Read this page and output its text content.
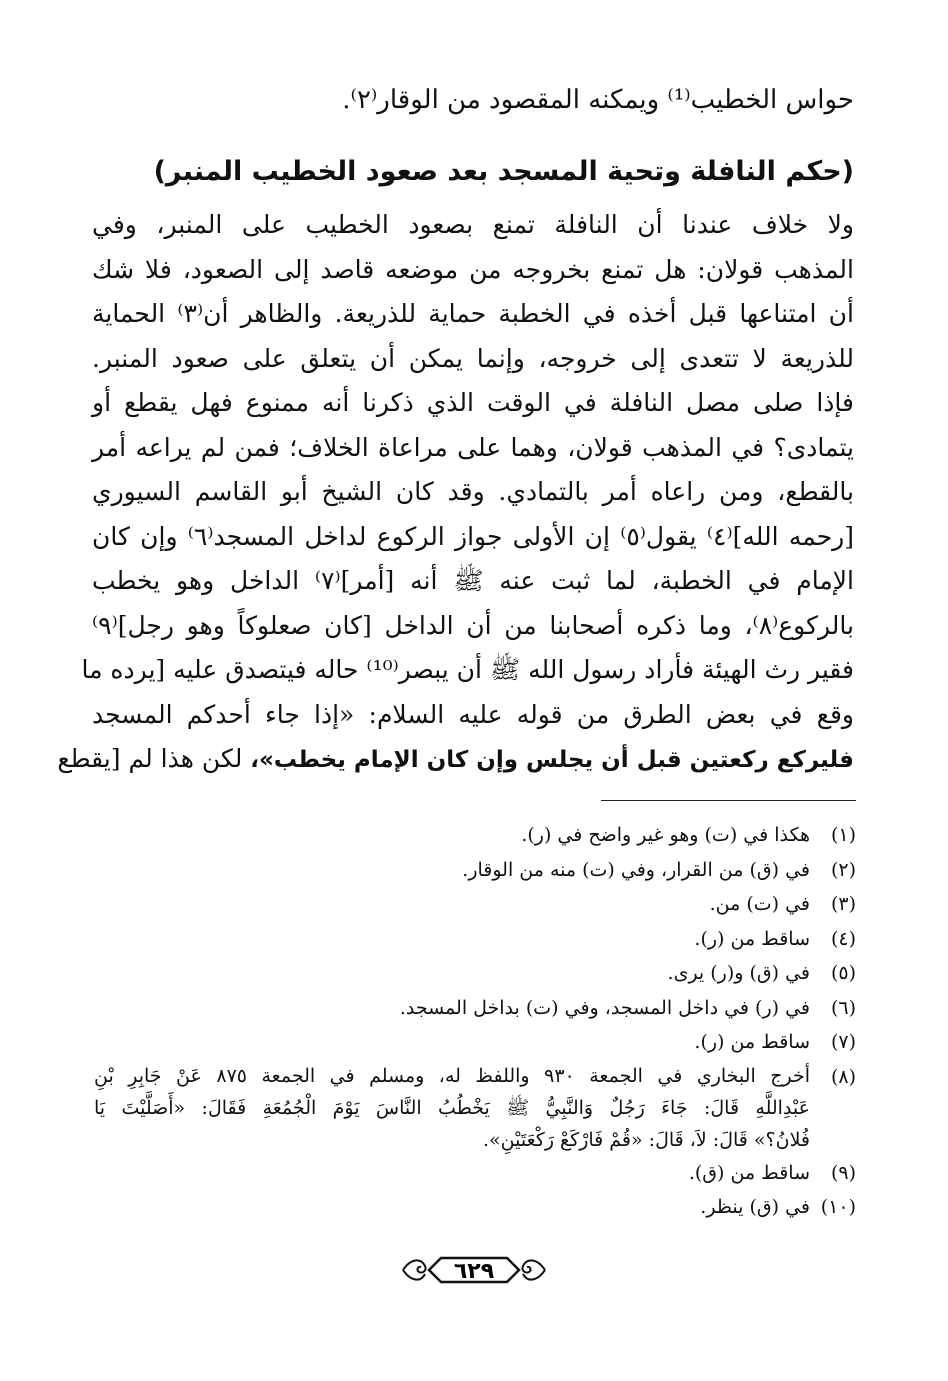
حواس الخطيب⁽¹⁾ ويمكنه المقصود من الوقار⁽٢⁾.

(حكم النافلة وتحية المسجد بعد صعود الخطيب المنبر)
ولا خلاف عندنا أن النافلة تمنع بصعود الخطيب على المنبر، وفي
المذهب قولان: هل تمنع بخروجه من موضعه قاصد إلى الصعود، فلا شك
أن امتناعها قبل أخذه في الخطبة حماية للذريعة. والظاهر أن⁽٣⁾ الحماية
للذريعة لا تتعدى إلى خروجه، وإنما يمكن أن يتعلق على صعود المنبر.
فإذا صلى مصل النافلة في الوقت الذي ذكرنا أنه ممنوع فهل يقطع أو
يتمادى؟ في المذهب قولان، وهما على مراعاة الخلاف؛ فمن لم يراعه أمر
بالقطع، ومن راعاه أمر بالتمادي. وقد كان الشيخ أبو القاسم السيوري
[رحمه الله]⁽٤⁾ يقول⁽٥⁾ إن الأولى جواز الركوع لداخل المسجد⁽٦⁾ وإن كان
الإمام في الخطبة، لما ثبت عنه ﷺ أنه [أمر]⁽٧⁾ الداخل وهو يخطب
بالركوع⁽٨⁾، وما ذكره أصحابنا من أن الداخل [كان صعلوكاً وهو رجل]⁽٩⁾
فقير رث الهيئة فأراد رسول الله ﷺ أن يبصر⁽¹⁰⁾ حاله فيتصدق عليه [يرده ما
وقع في بعض الطرق من قوله عليه السلام: «إذا جاء أحدكم المسجد
فليركع ركعتين قبل أن يجلس وإن كان الإمام يخطب»، لكن هذا لم [يقطع
(١)
هكذا في (ت) وهو غير واضح في (ر).
(٢)
في (ق) من القرار، وفي (ت) منه من الوقار.
(٣)
في (ت) من.
(٤)
ساقط من (ر).
(٥)
في (ق) و(ر) يرى.
(٦)
في (ر) في داخل المسجد، وفي (ت) بداخل المسجد.
(٧)
ساقط من (ر).
(٨)
أخرج البخاري في الجمعة ٩٣٠ واللفظ له، ومسلم في الجمعة ٨٧٥ عَنْ جَابِرِ بْنِ
عَبْدِاللَّهِ قَالَ: جَاءَ رَجُلٌ وَالنَّبِيُّ ﷺ يَخْطُبُ النَّاسَ يَوْمَ الْجُمُعَةِ فَقَالَ: «أَصَلَّيْتَ يَا
فُلانُ؟» قَالَ: لاَ، قَالَ: «قُمْ فَارْكَعْ رَكْعَتَيْنِ».
(٩)
ساقط من (ق).
(١٠)
في (ق) ينظر.
٦٢٩
